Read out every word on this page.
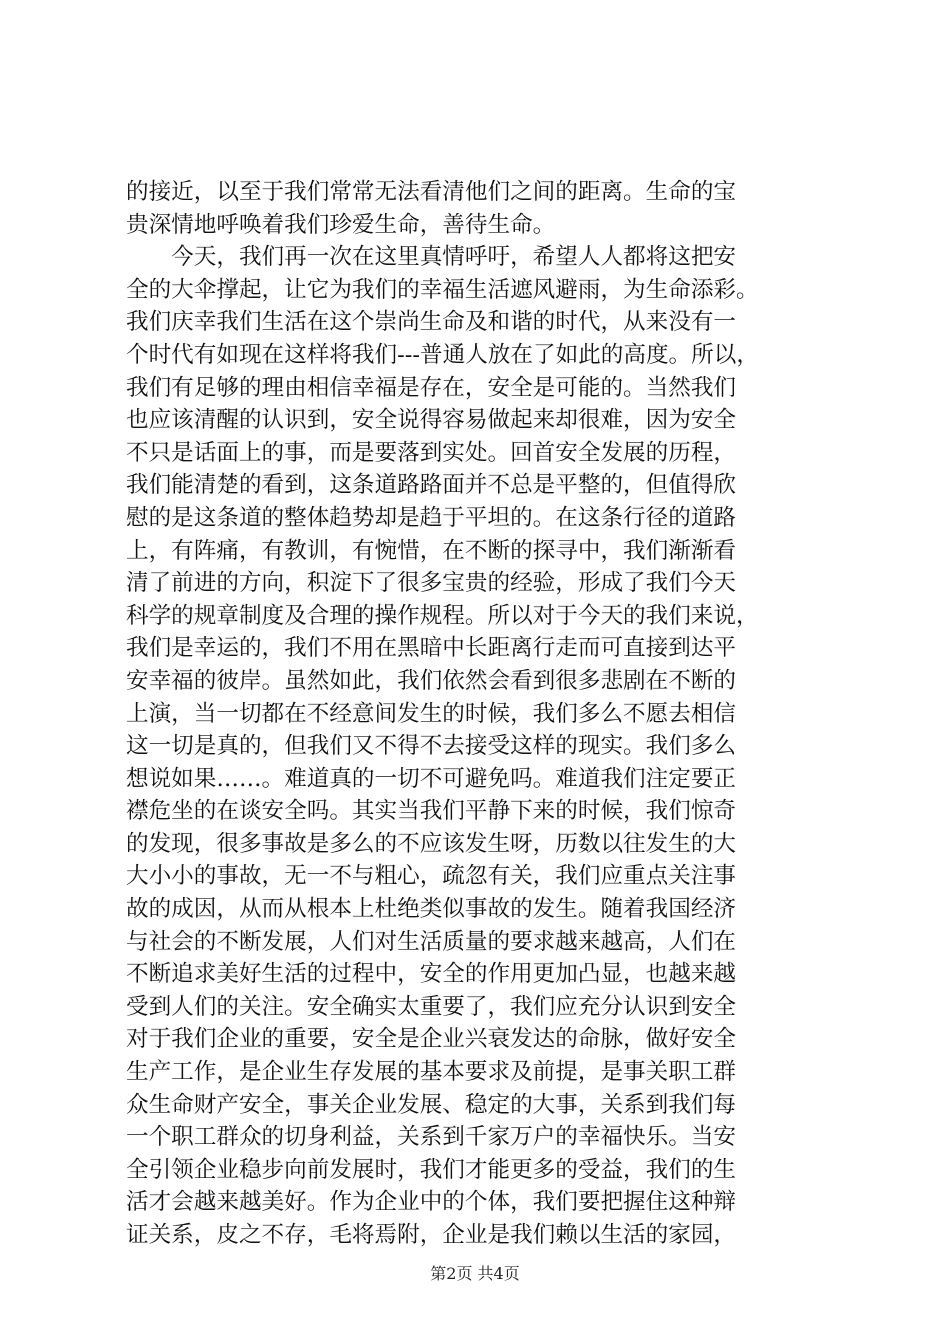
的接近，以至于我们常常无法看清他们之间的距离。生命的宝
贵深情地呼唤着我们珍爱生命，善待生命。
　　今天，我们再一次在这里真情呼吁，希望人人都将这把安
全的大伞撑起，让它为我们的幸福生活遮风避雨，为生命添彩。
我们庆幸我们生活在这个崇尚生命及和谐的时代，从来没有一
个时代有如现在这样将我们---普通人放在了如此的高度。所以，
我们有足够的理由相信幸福是存在，安全是可能的。当然我们
也应该清醒的认识到，安全说得容易做起来却很难，因为安全
不只是话面上的事，而是要落到实处。回首安全发展的历程，
我们能清楚的看到，这条道路路面并不总是平整的，但值得欣
慰的是这条道的整体趋势却是趋于平坦的。在这条行径的道路
上，有阵痛，有教训，有惋惜，在不断的探寻中，我们渐渐看
清了前进的方向，积淀下了很多宝贵的经验，形成了我们今天
科学的规章制度及合理的操作规程。所以对于今天的我们来说，
我们是幸运的，我们不用在黑暗中长距离行走而可直接到达平
安幸福的彼岸。虽然如此，我们依然会看到很多悲剧在不断的
上演，当一切都在不经意间发生的时候，我们多么不愿去相信
这一切是真的，但我们又不得不去接受这样的现实。我们多么
想说如果……。难道真的一切不可避免吗。难道我们注定要正
襟危坐的在谈安全吗。其实当我们平静下来的时候，我们惊奇
的发现，很多事故是多么的不应该发生呀，历数以往发生的大
大小小的事故，无一不与粗心，疏忽有关，我们应重点关注事
故的成因，从而从根本上杜绝类似事故的发生。随着我国经济
与社会的不断发展，人们对生活质量的要求越来越高，人们在
不断追求美好生活的过程中，安全的作用更加凸显，也越来越
受到人们的关注。安全确实太重要了，我们应充分认识到安全
对于我们企业的重要，安全是企业兴衰发达的命脉，做好安全
生产工作，是企业生存发展的基本要求及前提，是事关职工群
众生命财产安全，事关企业发展、稳定的大事，关系到我们每
一个职工群众的切身利益，关系到千家万户的幸福快乐。当安
全引领企业稳步向前发展时，我们才能更多的受益，我们的生
活才会越来越美好。作为企业中的个体，我们要把握住这种辩
证关系，皮之不存，毛将焉附，企业是我们赖以生活的家园，
第2页 共4页
